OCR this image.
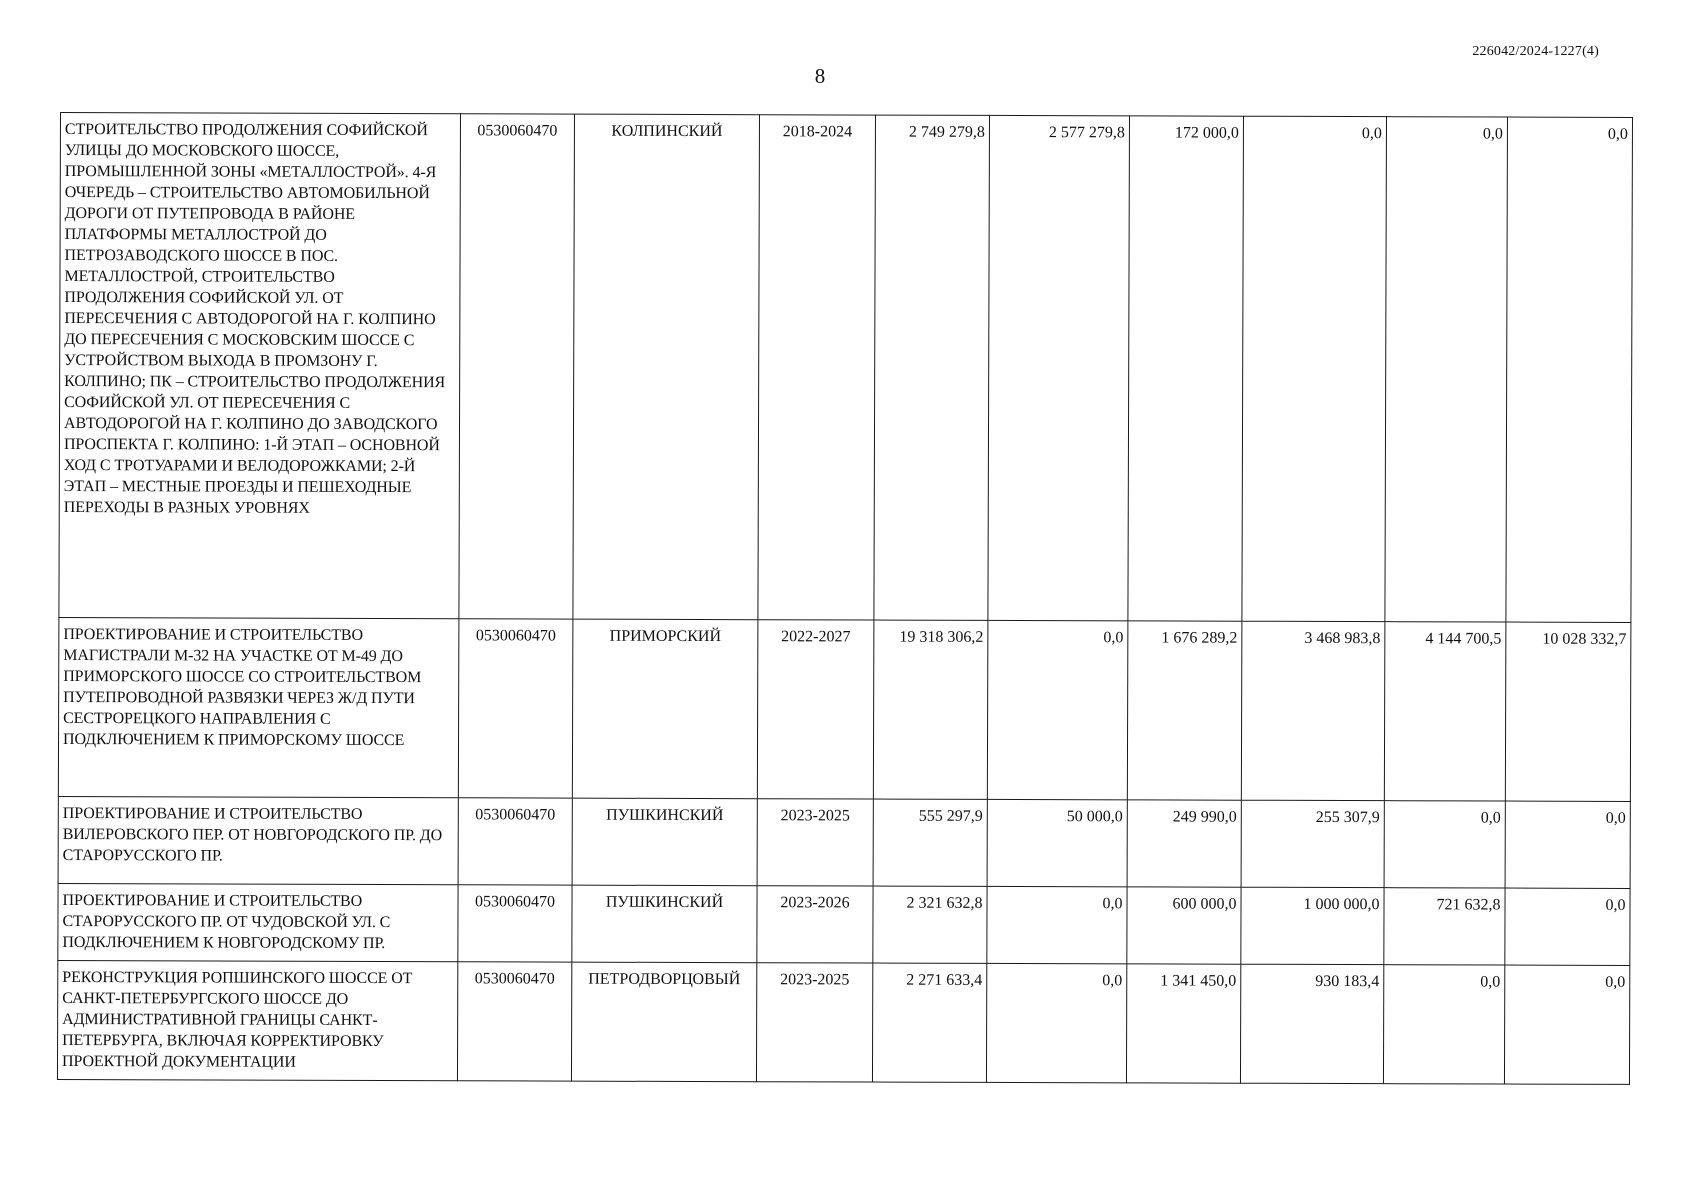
226042/2024-1227(4)
8
СТРОИТЕЛЬСТВО ПРОДОЛЖЕНИЯ СОФИЙСКОЙ УЛИЦЫ ДО МОСКОВСКОГО ШОССЕ, ПРОМЫШЛЕННОЙ ЗОНЫ «МЕТАЛЛОСТРОЙ». 4-Я ОЧЕРЕДЬ – СТРОИТЕЛЬСТВО АВТОМОБИЛЬНОЙ ДОРОГИ ОТ ПУТЕПРОВОДА В РАЙОНЕ ПЛАТФОРМЫ МЕТАЛЛОСТРОЙ ДО ПЕТРОЗАВОДСКОГО ШОССЕ В ПОС. МЕТАЛЛОСТРОЙ, СТРОИТЕЛЬСТВО ПРОДОЛЖЕНИЯ СОФИЙСКОЙ УЛ. ОТ ПЕРЕСЕЧЕНИЯ С АВТОДОРОГОЙ НА Г. КОЛПИНО ДО ПЕРЕСЕЧЕНИЯ С МОСКОВСКИМ ШОССЕ С УСТРОЙСТВОМ ВЫХОДА В ПРОМЗОНУ Г. КОЛПИНО; ПК – СТРОИТЕЛЬСТВО ПРОДОЛЖЕНИЯ СОФИЙСКОЙ УЛ. ОТ ПЕРЕСЕЧЕНИЯ С АВТОДОРОГОЙ НА Г. КОЛПИНО ДО ЗАВОДСКОГО ПРОСПЕКТА Г. КОЛПИНО: 1-Й ЭТАП – ОСНОВНОЙ ХОД С ТРОТУАРАМИ И ВЕЛОДОРОЖКАМИ; 2-Й ЭТАП – МЕСТНЫЕ ПРОЕЗДЫ И ПЕШЕХОДНЫЕ ПЕРЕХОДЫ В РАЗНЫХ УРОВНЯХ	0530060470	КОЛПИНСКИЙ	2018-2024	2 749 279,8	2 577 279,8	172 000,0	0,0	0,0	0,0
ПРОЕКТИРОВАНИЕ И СТРОИТЕЛЬСТВО МАГИСТРАЛИ М-32 НА УЧАСТКЕ ОТ М-49 ДО ПРИМОРСКОГО ШОССЕ СО СТРОИТЕЛЬСТВОМ ПУТЕПРОВОДНОЙ РАЗВЯЗКИ ЧЕРЕЗ Ж/Д ПУТИ СЕСТРОРЕЦКОГО НАПРАВЛЕНИЯ С ПОДКЛЮЧЕНИЕМ К ПРИМОРСКОМУ ШОССЕ	0530060470	ПРИМОРСКИЙ	2022-2027	19 318 306,2	0,0	1 676 289,2	3 468 983,8	4 144 700,5	10 028 332,7
ПРОЕКТИРОВАНИЕ И СТРОИТЕЛЬСТВО ВИЛЕРОВСКОГО ПЕР. ОТ НОВГОРОДСКОГО ПР. ДО СТАРОРУССКОГО ПР.	0530060470	ПУШКИНСКИЙ	2023-2025	555 297,9	50 000,0	249 990,0	255 307,9	0,0	0,0
ПРОЕКТИРОВАНИЕ И СТРОИТЕЛЬСТВО СТАРОРУССКОГО ПР. ОТ ЧУДОВСКОЙ УЛ. С ПОДКЛЮЧЕНИЕМ К НОВГОРОДСКОМУ ПР.	0530060470	ПУШКИНСКИЙ	2023-2026	2 321 632,8	0,0	600 000,0	1 000 000,0	721 632,8	0,0
РЕКОНСТРУКЦИЯ РОПШИНСКОГО ШОССЕ ОТ САНКТ-ПЕТЕРБУРГСКОГО ШОССЕ ДО АДМИНИСТРАТИВНОЙ ГРАНИЦЫ САНКТ-ПЕТЕРБУРГА, ВКЛЮЧАЯ КОРРЕКТИРОВКУ ПРОЕКТНОЙ ДОКУМЕНТАЦИИ	0530060470	ПЕТРОДВОРЦОВЫЙ	2023-2025	2 271 633,4	0,0	1 341 450,0	930 183,4	0,0	0,0
